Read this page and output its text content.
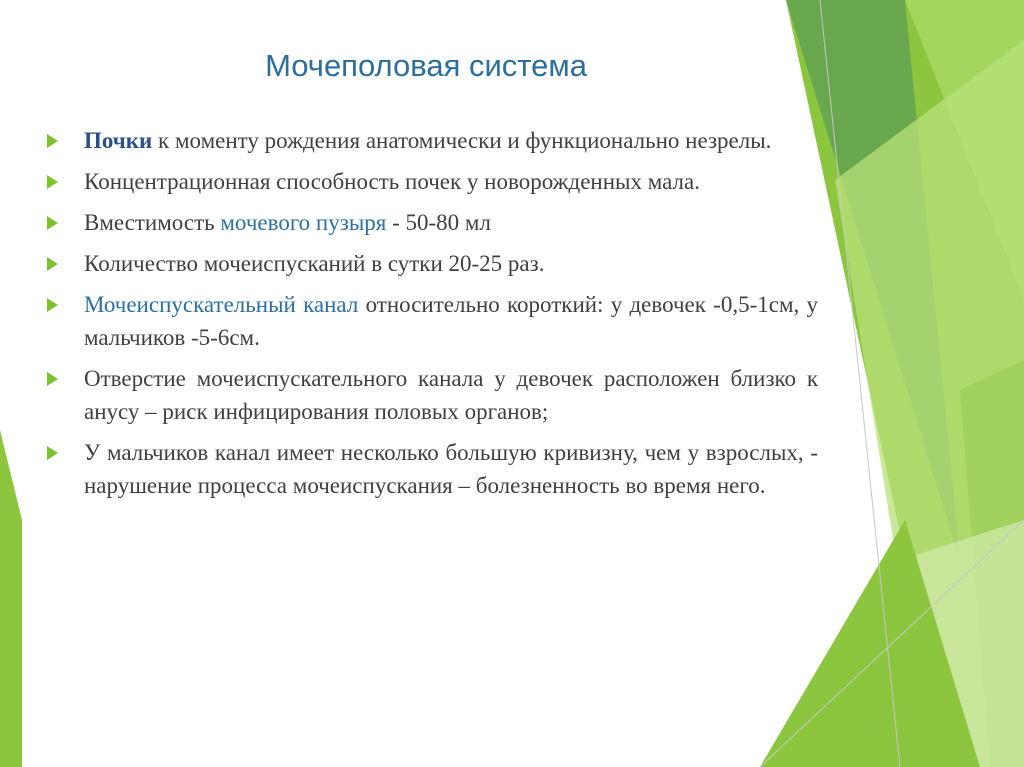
Мочеполовая система
Почки к моменту рождения анатомически и функционально незрелы.
Концентрационная способность почек у новорожденных мала.
Вместимость мочевого пузыря - 50-80 мл
Количество мочеиспусканий в сутки 20-25 раз.
Мочеиспускательный канал относительно короткий: у девочек -0,5-1см, у мальчиков -5-6см.
Отверстие мочеиспускательного канала у девочек расположен близко к анусу – риск инфицирования половых органов;
У мальчиков канал имеет несколько большую кривизну, чем у взрослых, - нарушение процесса мочеиспускания – болезненность во время него.
